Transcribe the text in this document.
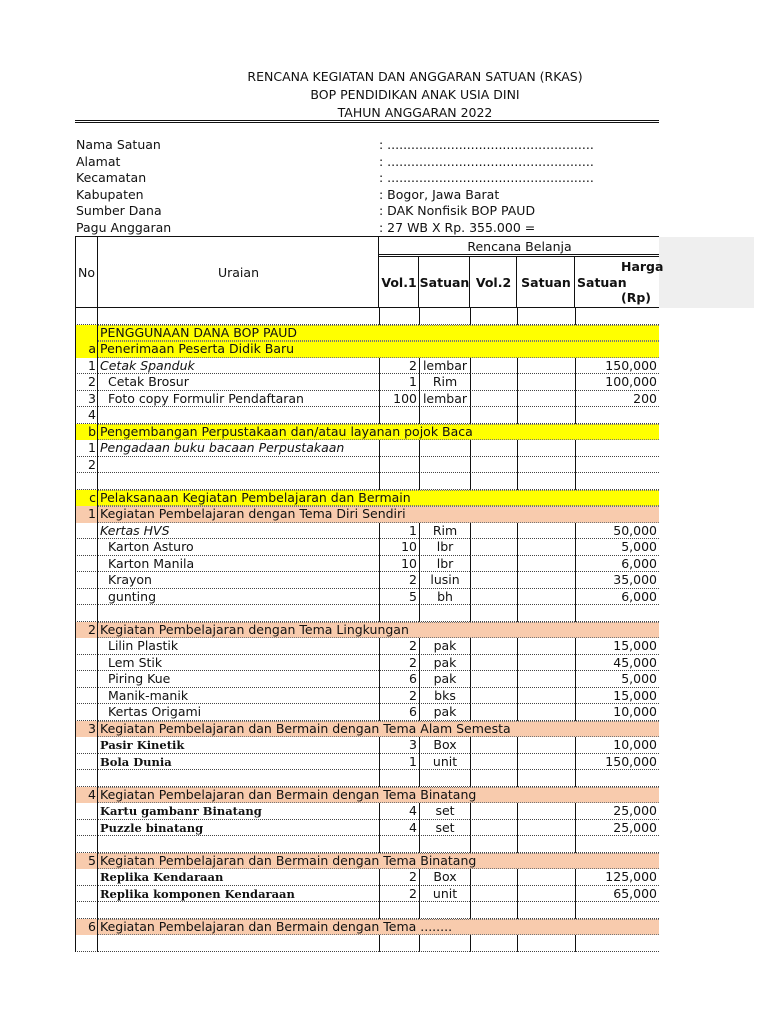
RENCANA KEGIATAN DAN ANGGARAN SATUAN (RKAS)
BOP PENDIDIKAN ANAK USIA DINI
TAHUN ANGGARAN 2022
Nama Satuan	: ....................................................
Alamat	: ....................................................
Kecamatan	: ....................................................
Kabupaten	: Bogor, Jawa Barat
Sumber Dana	: DAK Nonfisik BOP PAUD
Pagu Anggaran	: 27 WB X Rp. 355.000 =
No	Uraian
Rencana Belanja
Vol.1 Satuan Vol.2 Satuan
Harga
Satuan
(Rp)
PENGGUNAAN DANA BOP PAUD
a Penerimaan Peserta Didik Baru
1 Cetak Spanduk	2 lembar	150,000
2 Cetak Brosur	1	Rim	100,000
3 Foto copy Formulir Pendaftaran	100 lembar	200
4
b Pengembangan Perpustakaan dan/atau layanan pojok Baca
1 Pengadaan buku bacaan Perpustakaan
2
c Pelaksanaan Kegiatan Pembelajaran dan Bermain
1 Kegiatan Pembelajaran dengan Tema Diri Sendiri
Kertas HVS	1	Rim	50,000
Karton Asturo	10	lbr	5,000
Karton Manila	10	lbr	6,000
Krayon	2	lusin	35,000
gunting	5	bh	6,000
2 Kegiatan Pembelajaran dengan Tema Lingkungan
Lilin Plastik	2	pak	15,000
Lem Stik	2	pak	45,000
Piring Kue	6	pak	5,000
Manik-manik	2	bks	15,000
Kertas Origami	6	pak	10,000
3 Kegiatan Pembelajaran dan Bermain dengan Tema Alam Semesta
Pasir Kinetik	3	Box	10,000
Bola Dunia	1	unit	150,000
4 Kegiatan Pembelajaran dan Bermain dengan Tema Binatang
Kartu gambanr Binatang	4	set	25,000
Puzzle binatang	4	set	25,000
5 Kegiatan Pembelajaran dan Bermain dengan Tema Binatang
Replika Kendaraan	2	Box	125,000
Replika komponen Kendaraan	2	unit	65,000
6 Kegiatan Pembelajaran dan Bermain dengan Tema ........
